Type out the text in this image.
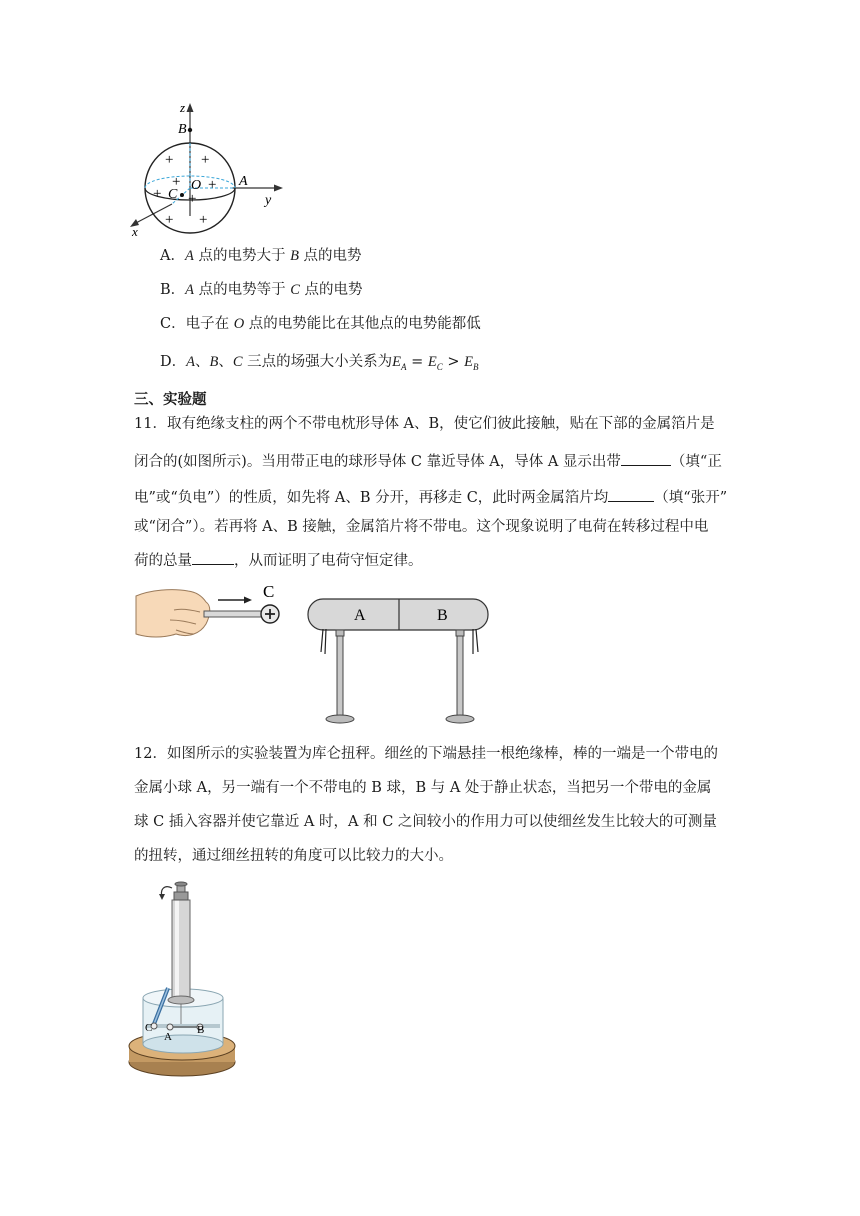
+ +
+ +
+ +
+ +
z
B
O	A
y
C
x
A．A 点的电势大于 B 点的电势
B．A 点的电势等于 C 点的电势
C．电子在 O 点的电势能比在其他点的电势能都低
D．A、B、C 三点的场强大小关系为$E_A = E_C > E_B$
三、实验题
11．取有绝缘支柱的两个不带电枕形导体 A、B，使它们彼此接触，贴在下部的金属箔片是
闭合的(如图所示)。当用带正电的球形导体 C 靠近导体 A，导体 A 显示出带	（填“正
电”或“负电”）的性质，如先将 A、B 分开，再移走 C，此时两金属箔片均	（填“张开”
或“闭合”）。若再将 A、B 接触，金属箔片将不带电。这个现象说明了电荷在转移过程中电
荷的总量	，从而证明了电荷守恒定律。
C
A	B
12．如图所示的实验装置为库仑扭秤。细丝的下端悬挂一根绝缘棒，棒的一端是一个带电的
金属小球 A，另一端有一个不带电的 B 球，B 与 A 处于静止状态，当把另一个带电的金属
球 C 插入容器并使它靠近 A 时，A 和 C 之间较小的作用力可以使细丝发生比较大的可测量
的扭转，通过细丝扭转的角度可以比较力的大小。
C
A
B
